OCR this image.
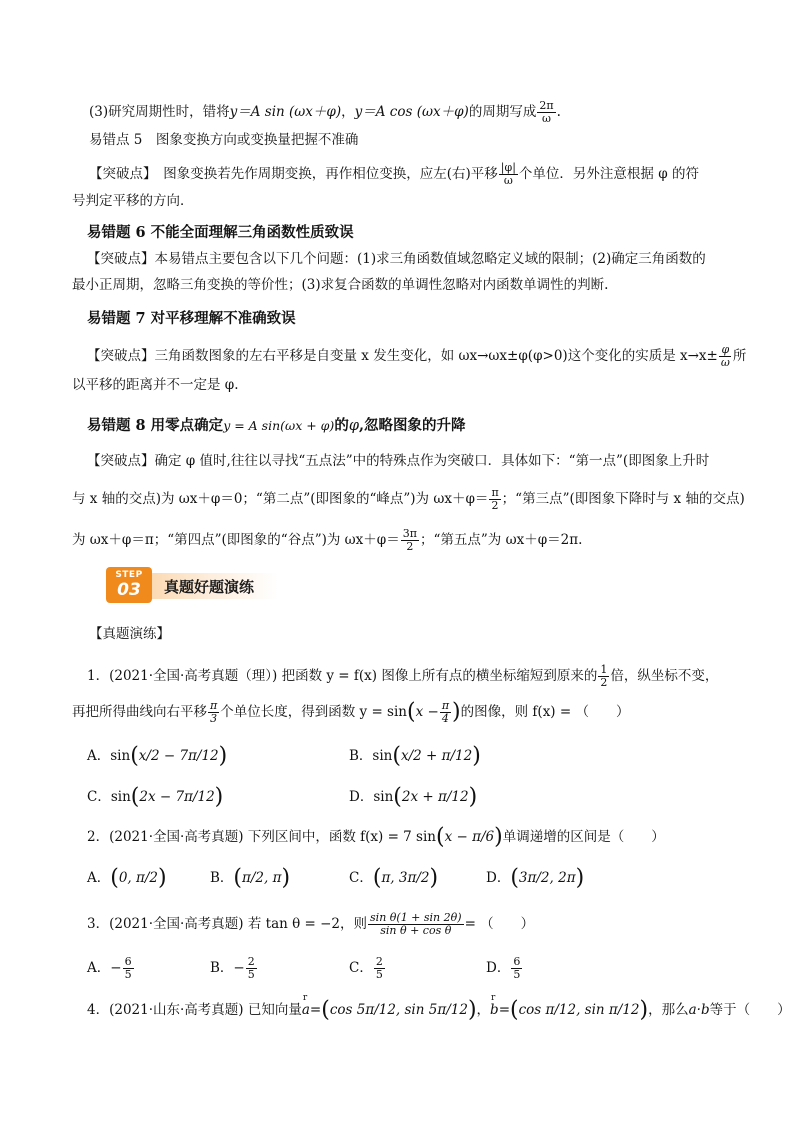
(3)研究周期性时，错将y＝A sin (ωx＋φ)，y＝A cos (ωx＋φ)的周期写成 $\frac{2\pi}{\omega}$ .
易错点 5　图象变换方向或变换量把握不准确
【突破点】　图象变换若先作周期变换，再作相位变换，应左(右)平移 $\frac{|\varphi|}{\omega}$ 个单位．另外注意根据 φ 的符
号判定平移的方向．
易错题 6 不能全面理解三角函数性质致误
【突破点】本易错点主要包含以下几个问题：(1)求三角函数值域忽略定义域的限制；(2)确定三角函数的
最小正周期，忽略三角变换的等价性；(3)求复合函数的单调性忽略对内函数单调性的判断.
易错题 7 对平移理解不准确致误
【突破点】三角函数图象的左右平移是自变量 x 发生变化，如 ωx→ωx±φ(φ>0)这个变化的实质是 $x\to x\pm \frac{\varphi}{\omega}$ 所
以平移的距离并不一定是 φ.
易错题 8 用零点确定y = A sin(ωx + φ)的φ,忽略图象的升降
【突破点】确定 φ 值时,往往以寻找“五点法”中的特殊点作为突破口．具体如下：“第一点”(即图象上升时
与 x 轴的交点)为 ωx＋φ＝0；“第二点”(即图象的“峰点”)为 $\omega x+\varphi= \frac{\pi}{2}$ ；“第三点”(即图象下降时与 x 轴的交点)
为 ωx＋φ＝π；“第四点”(即图象的“谷点”)为 $\omega x+\varphi= \frac{3\pi}{2}$ ；“第五点”为 ωx＋φ＝2π.
STEP
03	真题好题演练
【真题演练】
1．(2021·全国·高考真题（理）) 把函数 y = f(x) 图像上所有点的横坐标缩短到原来的 $\frac{1}{2}$ 倍，纵坐标不变，
再把所得曲线向右平移 $\frac{\pi}{3}$ 个单位长度，得到函数 $y = \sin(x - \frac{\pi}{4}$ )的图像，则 f(x) = （　　）
A．sin(x/2 − 7π/12)	B．sin(x/2 + π/12)
C．sin(2x − 7π/12)	D．sin(2x + π/12)
2．(2021·全国·高考真题) 下列区间中，函数 f(x) = 7 sin(x − π/6)单调递增的区间是（　　）
A．(0, π/2)	B．(π/2, π)	C．(π, 3π/2)	D．(3π/2, 2π)
3．(2021·全国·高考真题) 若 tan θ = −2，则 $\frac{\text{sin θ(1 + sin 2θ)}}{\text{sin θ + cos θ}}$ = （　　）
A．− $\frac{6}{5}$	B．− $\frac{2}{5}$	C． $\frac{2}{5}$	D． $\frac{6}{5}$
4．(2021·山东·高考真题) 已知向量
r
a=(cos 5π/12, sin 5π/12)，
r
b=(cos π/12, sin π/12)，那么a·b等于（　　）
